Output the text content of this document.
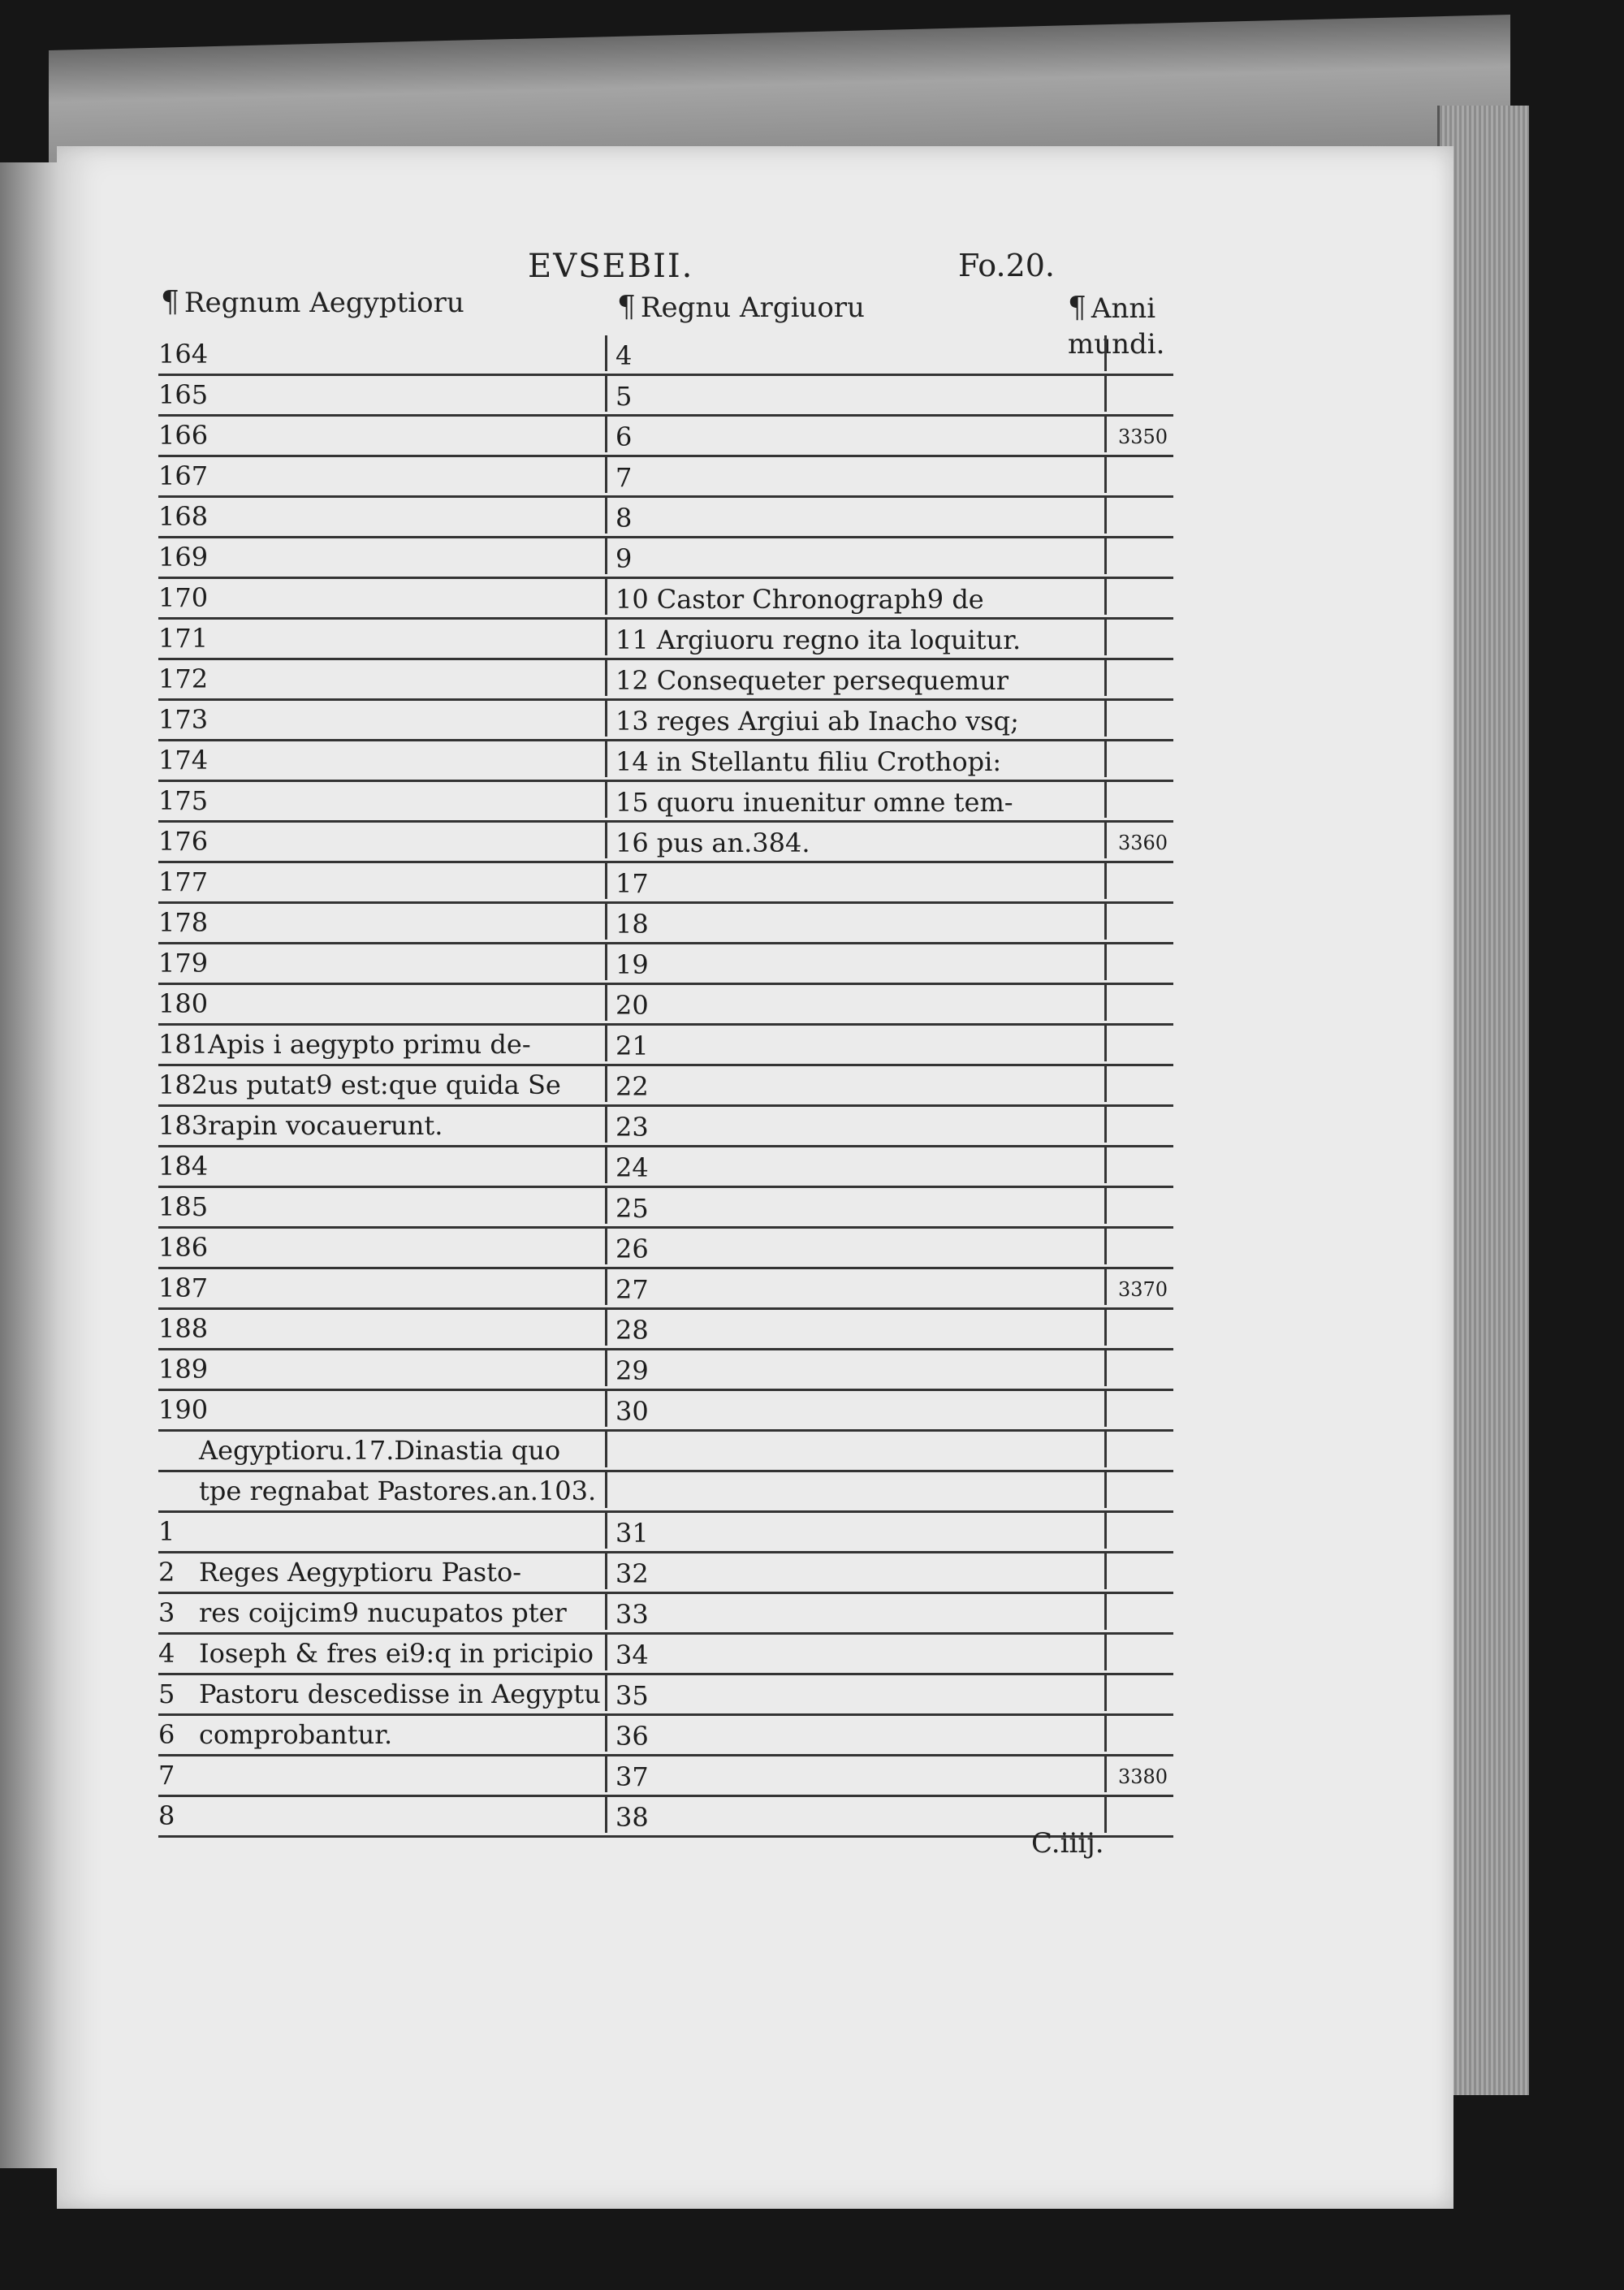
EVSEBII.	Fo.20.
¶ Regnum Aegyptioru	¶ Regnu Argiuoru	¶ Anni
mundi.
164	4
165	5
166	6	3350
167	7
168	8
169	9
170	10 Castor Chronograph9 de
171	11 Argiuoru regno ita loquitur.
172	12 Consequeter persequemur
173	13 reges Argiui ab Inacho vsq;
174	14 in Stellantu filiu Crothopi:
175	15 quoru inuenitur omne tem-
176	16 pus an.384.	3360
177	17
178	18
179	19
180	20
181Apis i aegypto primu de-	21
182us putat9 est:que quida Se	22
183rapin vocauerunt.	23
184	24
185	25
186	26
187	27	3370
188	28
189	29
190	30
Aegyptioru.17.Dinastia quo
tpe regnabat Pastores.an.103.
1	31
2 Reges Aegyptioru Pasto-	32
3 res coijcim9 nucupatos pter	33
4 Ioseph & fres ei9:q in pricipio 34
5 Pastoru descedisse in Aegyptu 35
6 comprobantur.	36
7	37	3380
8	38
C.iiij.
